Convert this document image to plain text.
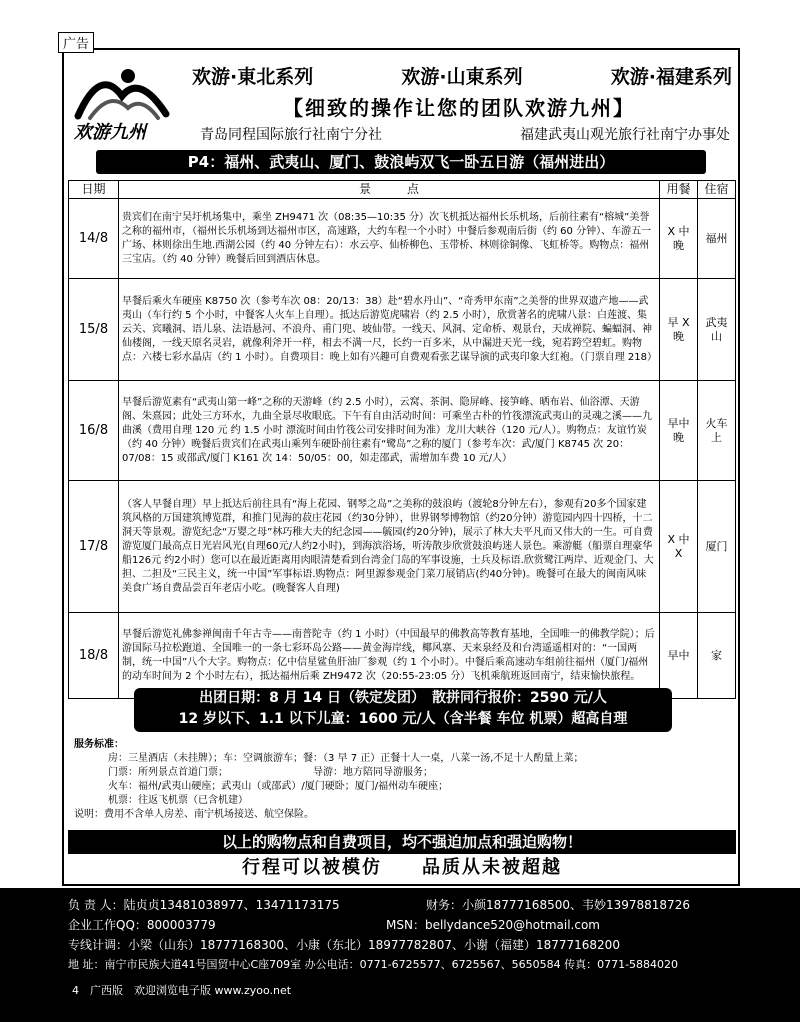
广告
欢游九州
欢游·東北系列	欢游·山東系列	欢游·福建系列
【细致的操作让您的团队欢游九州】
青岛同程国际旅行社南宁分社	福建武夷山观光旅行社南宁办事处
P4：福州、武夷山、厦门、鼓浪屿双飞一卧五日游（福州进出）
日期	景　　　点	用餐	住宿
14/8	贵宾们在南宁吴圩机场集中，乘坐 ZH9471 次（08:35—10:35 分）次飞机抵达福州长乐机场，后前往素有“榕城”美誉之称的福州市，（福州长乐机场到达福州市区，高速路，大约车程一个小时）中餐后参观南后街（约 60 分钟）、车游五一广场、林则徐出生地.西湖公园（约 40 分钟左右）：水云亭、仙桥柳色、玉带桥、林则徐铜像、飞虹桥等。购物点：福州三宝店。（约 40 分钟）晚餐后回到酒店休息。	X 中晚	福州
15/8	早餐后乘火车硬座 K8750 次（参考车次 08：20/13：38）赴“碧水丹山”、“奇秀甲东南”之美誉的世界双遗产地——武夷山（车行约 5 个小时，中餐客人火车上自理）。抵达后游览虎啸岩（约 2.5 小时），欣赏著名的虎啸八景：白莲渡、集云关、宾曦洞、语儿泉、法语悬河、不浪舟、甫门兜、坡仙带。一线天、风洞、定命桥、观景台，天成禅院、蝙蝠洞、神仙楼阁，一线天原名灵岩，就像利斧开一样，相去不满一尺，长约一百多米，从中漏进天光一线，宛若跨空碧虹。购物点：六楼七彩水晶店（约 1 小时）。自费项目：晚上如有兴趣可自费观看张艺谋导演的武夷印象大红袍。（门票自理 218）	早 X 晚	武夷山
16/8	早餐后游览素有“武夷山第一峰”之称的天游峰（约 2.5 小时），云窝、茶洞、隐屏峰、接笋峰、晒布岩、仙浴潭、天游阁、朱熹园；此处三方环水，九曲全景尽收眼底。下午有自由活动时间：可乘坐古朴的竹筏漂流武夷山的灵魂之溪——九曲溪（费用自理 120 元 约 1.5 小时 漂流时间由竹筏公司安排时间为准）龙川大峡谷（120 元/人）。购物点：友谊竹炭（约 40 分钟）晚餐后贵宾们在武夷山乘列车硬卧前往素有“鹭岛”之称的厦门（参考车次：武/厦门 K8745 次 20：07/08：15 或邵武/厦门 K161 次 14：50/05：00，如走邵武，需增加车费 10 元/人）	早中晚	火车上
17/8	（客人早餐自理）早上抵达后前往具有“海上花园、钢琴之岛”之美称的鼓浪屿（渡轮8分钟左右），参观有20多个国家建筑风格的万国建筑博览群，和推门见海的菽庄花园（约30分钟），世界钢琴博物馆（约20分钟）游览园内四十四桥，十二洞天等景观。游览纪念“万婴之母”林巧稚大夫的纪念园——毓园(约20分钟)，展示了林大夫平凡而又伟大的一生。可自费游览厦门最高点日光岩风光(自理60元/人约2小时)，到海滨浴场，听涛散步欣赏鼓浪屿迷人景色。乘游艇（船票自理豪华船126元 约2小时）您可以在最近距离用肉眼清楚看到台湾金门岛的军事设施，士兵及标语.欣赏鹭江两岸、近观金门、大担、二担及“三民主义，统一中国”军事标语.购物点：阿里源参观金门菜刀展销店(约40分钟)。晚餐可在最大的闽南风味美食广场自费品尝百年老店小吃。(晚餐客人自理)	X 中 X	厦门
18/8	早餐后游览礼佛参禅闽南千年古寺——南普陀寺（约 1 小时）（中国最早的佛教高等教育基地，全国唯一的佛教学院）；后游国际马拉松跑道、全国唯一的一条七彩环岛公路——黄金海岸线，椰风寨、天来泉经及和台湾遥遥相对的：“一国两制，统一中国”八个大字。购物点：亿中信星鲨鱼肝油厂参观（约 1 个小时）。中餐后乘高速动车组前往福州（厦门/福州的动车时间为 2 个小时左右），抵达福州后乘 ZH9472 次（20:55-23:05 分）飞机乘航班返回南宁，结束愉快旅程。	早中	家
出团日期：8 月 14 日（铁定发团）　散拼同行报价：2590 元/人
12 岁以下、1.1 以下儿童：1600 元/人（含半餐 车位 机票）超高自理
服务标准：
房：三星酒店（未挂牌）；车：空调旅游车；餐：（3 早 7 正）正餐十人一桌，八菜一汤,不足十人酌量上菜；
门票：所列景点首道门票；　　　　　　　　　导游：地方陪同导游服务；
火车：福州/武夷山硬座；武夷山（或邵武）/厦门硬卧；厦门/福州动车硬座；
机票：往返飞机票（已含机建）
说明：费用不含单人房差、南宁机场接送、航空保险。
以上的购物点和自费项目，均不强迫加点和强迫购物！
行程可以被模仿　　品质从未被超越
负 责 人：陆贞贞13481038977、13471173175	财务：小颜18777168500、韦妙13978818726
企业工作QQ：800003779	MSN：bellydance520@hotmail.com
专线计调：小梁（山东）18777168300、小康（东北）18977782807、小谢（福建）18777168200
地 址：南宁市民族大道41号国贸中心C座709室 办公电话：0771-6725577、6725567、5650584 传真：0771-5884020
4　广西版　欢迎浏览电子版 www.zyoo.net
